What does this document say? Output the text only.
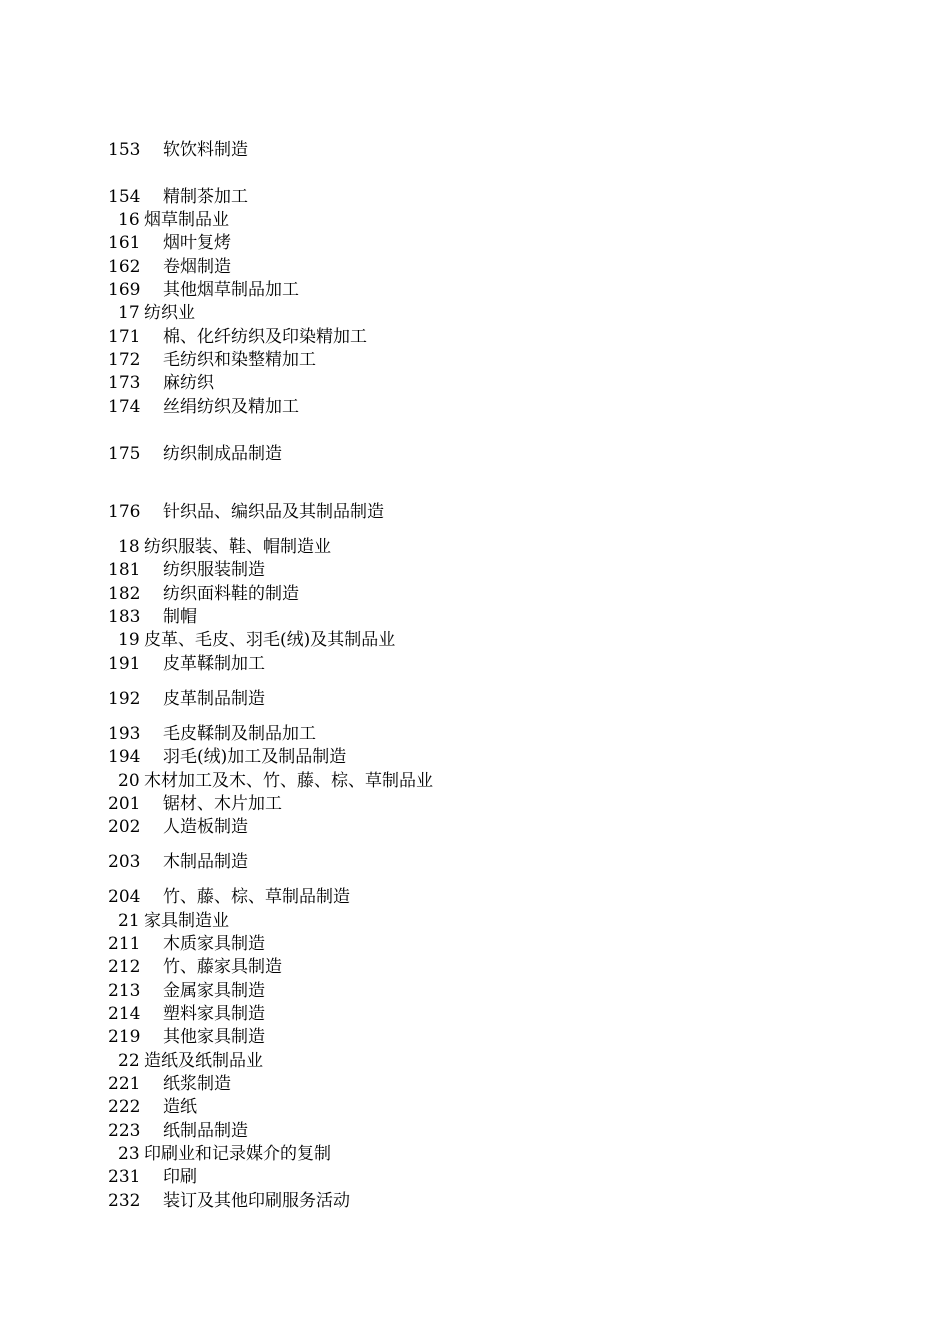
153 软饮料制造
154 精制茶加工
16 烟草制品业
161 烟叶复烤
162 卷烟制造
169 其他烟草制品加工
17 纺织业
171 棉、化纤纺织及印染精加工
172 毛纺织和染整精加工
173 麻纺织
174 丝绢纺织及精加工
175 纺织制成品制造
176 针织品、编织品及其制品制造
18 纺织服装、鞋、帽制造业
181 纺织服装制造
182 纺织面料鞋的制造
183 制帽
19 皮革、毛皮、羽毛(绒)及其制品业
191 皮革鞣制加工
192 皮革制品制造
193 毛皮鞣制及制品加工
194 羽毛(绒)加工及制品制造
20 木材加工及木、竹、藤、棕、草制品业
201 锯材、木片加工
202 人造板制造
203 木制品制造
204 竹、藤、棕、草制品制造
21 家具制造业
211 木质家具制造
212 竹、藤家具制造
213 金属家具制造
214 塑料家具制造
219 其他家具制造
22 造纸及纸制品业
221 纸浆制造
222 造纸
223 纸制品制造
23 印刷业和记录媒介的复制
231 印刷
232 装订及其他印刷服务活动
